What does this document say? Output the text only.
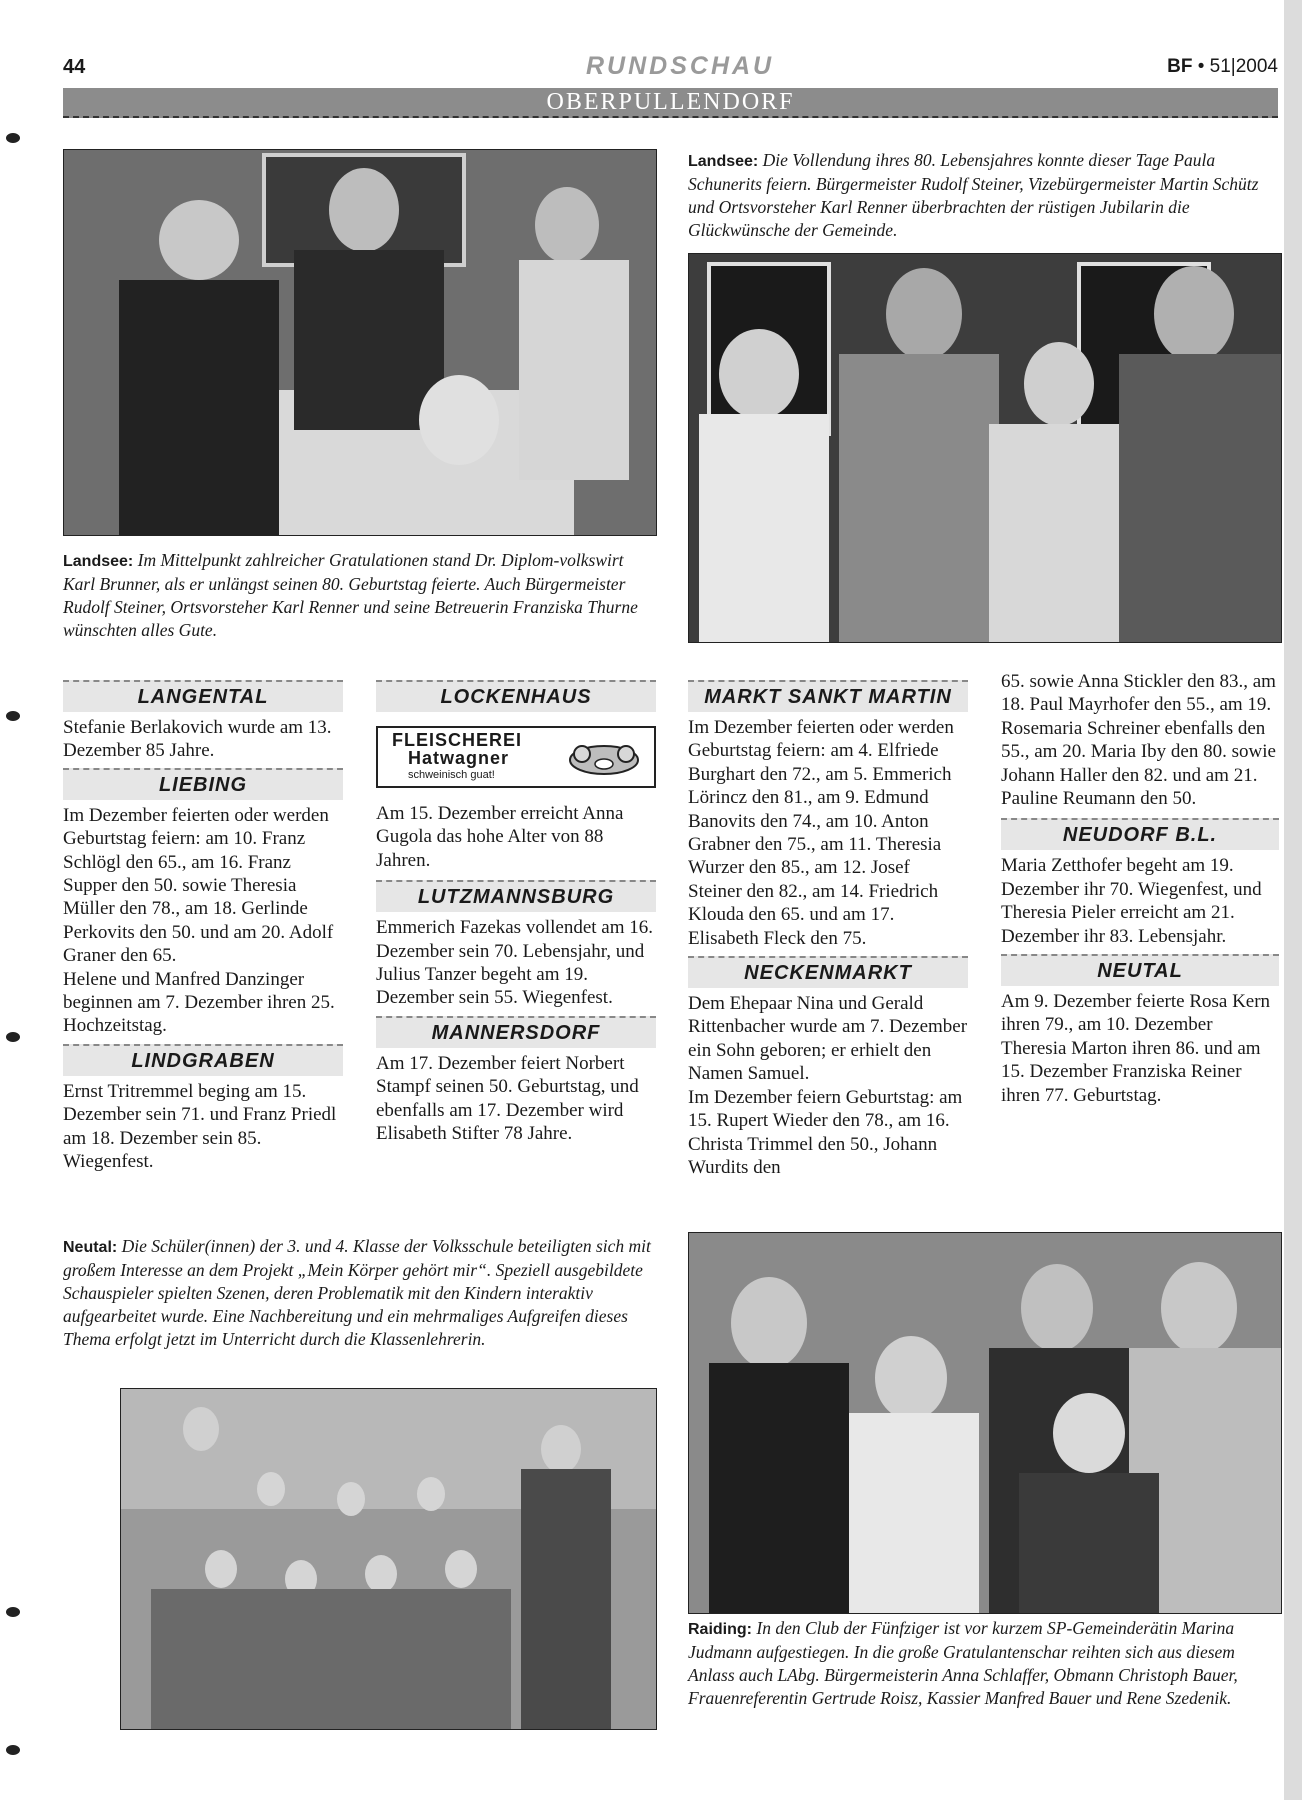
44	RUNDSCHAU	BF • 51|2004
OBERPULLENDORF
Landsee: Im Mittelpunkt zahlreicher Gratulationen stand Dr. Diplom-volkswirt Karl Brunner, als er unlängst seinen 80. Geburtstag feierte. Auch Bürgermeister Rudolf Steiner, Ortsvorsteher Karl Renner und seine Betreuerin Franziska Thurne wünschten alles Gute.
Landsee: Die Vollendung ihres 80. Lebensjahres konnte dieser Tage Paula Schunerits feiern. Bürgermeister Rudolf Steiner, Vizebürgermeister Martin Schütz und Ortsvorsteher Karl Renner überbrachten der rüstigen Jubilarin die Glückwünsche der Gemeinde.
LANGENTAL
Stefanie Berlakovich wurde am 13. Dezember 85 Jahre.
LIEBING
Im Dezember feierten oder werden Geburtstag feiern: am 10. Franz Schlögl den 65., am 16. Franz Supper den 50. sowie Theresia Müller den 78., am 18. Gerlinde Perkovits den 50. und am 20. Adolf Graner den 65.
Helene und Manfred Danzinger beginnen am 7. Dezember ihren 25. Hochzeitstag.
LINDGRABEN
Ernst Tritremmel beging am 15. Dezember sein 71. und Franz Priedl am 18. Dezember sein 85. Wiegenfest.
LOCKENHAUS
FLEISCHEREI
Hatwagner
schweinisch guat!
Am 15. Dezember erreicht Anna Gugola das hohe Alter von 88 Jahren.
LUTZMANNSBURG
Emmerich Fazekas vollendet am 16. Dezember sein 70. Lebensjahr, und Julius Tanzer begeht am 19. Dezember sein 55. Wiegenfest.
MANNERSDORF
Am 17. Dezember feiert Norbert Stampf seinen 50. Geburtstag, und ebenfalls am 17. Dezember wird Elisabeth Stifter 78 Jahre.
MARKT SANKT MARTIN
Im Dezember feierten oder werden Geburtstag feiern: am 4. Elfriede Burghart den 72., am 5. Emmerich Lörincz den 81., am 9. Edmund Banovits den 74., am 10. Anton Grabner den 75., am 11. Theresia Wurzer den 85., am 12. Josef Steiner den 82., am 14. Friedrich Klouda den 65. und am 17. Elisabeth Fleck den 75.
NECKENMARKT
Dem Ehepaar Nina und Gerald Rittenbacher wurde am 7. Dezember ein Sohn geboren; er erhielt den Namen Samuel.
Im Dezember feiern Geburtstag: am 15. Rupert Wieder den 78., am 16. Christa Trimmel den 50., Johann Wurdits den
65. sowie Anna Stickler den 83., am 18. Paul Mayrhofer den 55., am 19. Rosemaria Schreiner ebenfalls den 55., am 20. Maria Iby den 80. sowie Johann Haller den 82. und am 21. Pauline Reumann den 50.
NEUDORF B.L.
Maria Zetthofer begeht am 19. Dezember ihr 70. Wiegenfest, und Theresia Pieler erreicht am 21. Dezember ihr 83. Lebensjahr.
NEUTAL
Am 9. Dezember feierte Rosa Kern ihren 79., am 10. Dezember Theresia Marton ihren 86. und am 15. Dezember Franziska Reiner ihren 77. Geburtstag.
Neutal: Die Schüler(innen) der 3. und 4. Klasse der Volksschule beteiligten sich mit großem Interesse an dem Projekt „Mein Körper gehört mir“. Speziell ausgebildete Schauspieler spielten Szenen, deren Problematik mit den Kindern interaktiv aufgearbeitet wurde. Eine Nachbereitung und ein mehrmaliges Aufgreifen dieses Thema erfolgt jetzt im Unterricht durch die Klassenlehrerin.
Raiding: In den Club der Fünfziger ist vor kurzem SP-Gemeinderätin Marina Judmann aufgestiegen. In die große Gratulantenschar reihten sich aus diesem Anlass auch LAbg. Bürgermeisterin Anna Schlaffer, Obmann Christoph Bauer, Frauenreferentin Gertrude Roisz, Kassier Manfred Bauer und Rene Szedenik.
